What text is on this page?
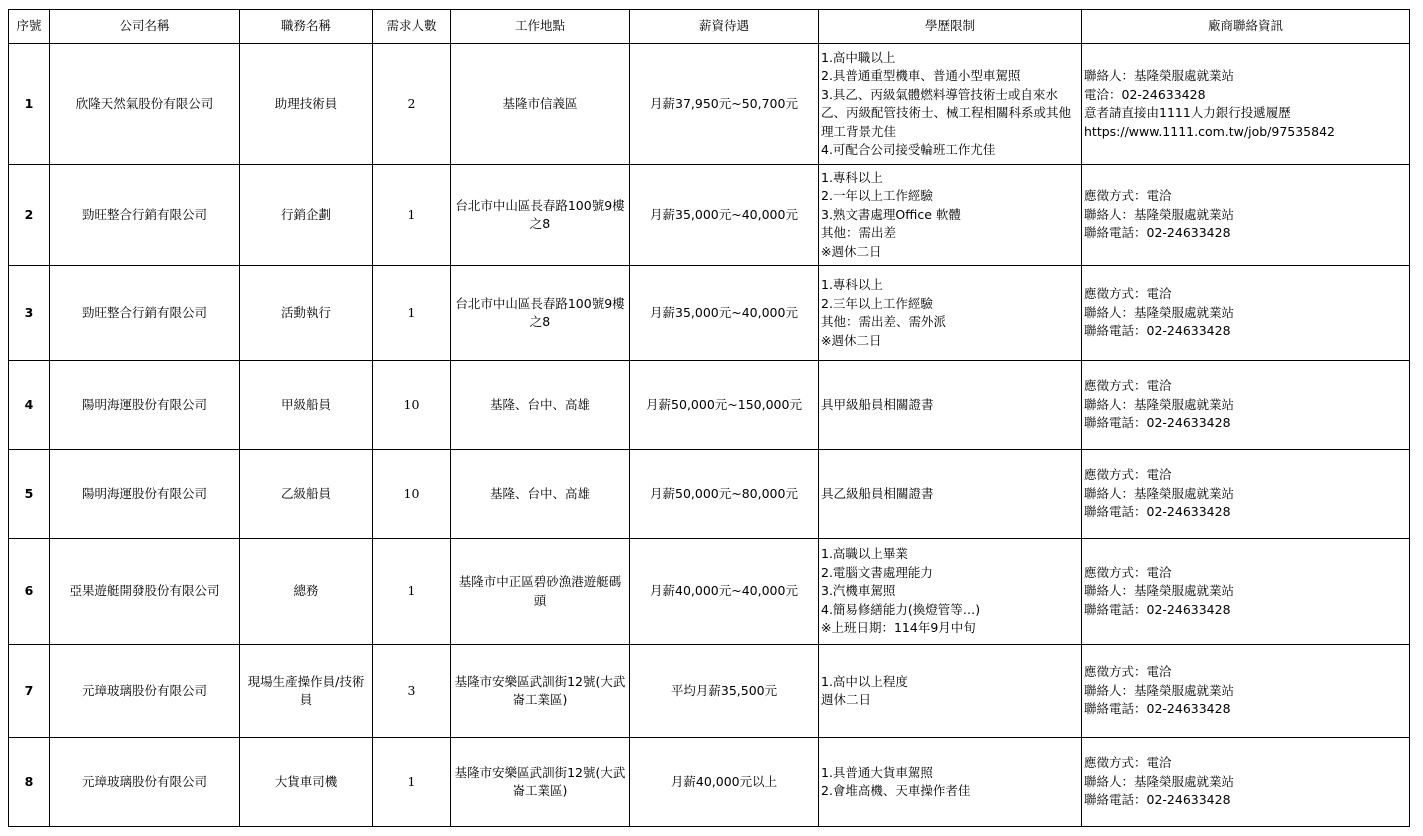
序號	公司名稱	職務名稱	需求人數	工作地點	薪資待遇	學歷限制	廠商聯絡資訊
1	欣隆天然氣股份有限公司	助理技術員	2	基隆市信義區	月薪37,950元~50,700元	1.高中職以上
2.具普通重型機車、普通小型車駕照
3.具乙、丙級氣體燃料導管技術士或自來水乙、丙級配管技術士、械工程相關科系或其他理工背景尤佳
4.可配合公司接受輪班工作尤佳	聯絡人：基隆榮服處就業站
電洽：02-24633428
意者請直接由1111人力銀行投遞履歷
https://www.1111.com.tw/job/97535842

2	勁旺整合行銷有限公司	行銷企劃	1	台北市中山區長春路100號9樓之8	月薪35,000元~40,000元	1.專科以上
2.一年以上工作經驗
3.熟文書處理Office 軟體
其他：需出差
※週休二日	應徵方式：電洽
聯絡人：基隆榮服處就業站
聯絡電話：02-24633428

3	勁旺整合行銷有限公司	活動執行	1	台北市中山區長春路100號9樓之8	月薪35,000元~40,000元	1.專科以上
2.三年以上工作經驗
其他：需出差、需外派
※週休二日	應徵方式：電洽
聯絡人：基隆榮服處就業站
聯絡電話：02-24633428

4	陽明海運股份有限公司	甲級船員	10	基隆、台中、高雄	月薪50,000元~150,000元	具甲級船員相關證書	應徵方式：電洽
聯絡人：基隆榮服處就業站
聯絡電話：02-24633428

5	陽明海運股份有限公司	乙級船員	10	基隆、台中、高雄	月薪50,000元~80,000元	具乙級船員相關證書	應徵方式：電洽
聯絡人：基隆榮服處就業站
聯絡電話：02-24633428

6	亞果遊艇開發股份有限公司	總務	1	基隆市中正區碧砂漁港遊艇碼頭	月薪40,000元~40,000元	1.高職以上畢業
2.電腦文書處理能力
3.汽機車駕照
4.簡易修繕能力(換燈管等…)
※上班日期：114年9月中旬	應徵方式：電洽
聯絡人：基隆榮服處就業站
聯絡電話：02-24633428

7	元璋玻璃股份有限公司	現場生產操作員/技術員	3	基隆市安樂區武訓街12號(大武崙工業區)	平均月薪35,500元	1.高中以上程度
週休二日	應徵方式：電洽
聯絡人：基隆榮服處就業站
聯絡電話：02-24633428

8	元璋玻璃股份有限公司	大貨車司機	1	基隆市安樂區武訓街12號(大武崙工業區)	月薪40,000元以上	1.具普通大貨車駕照
2.會堆高機、天車操作者佳	應徵方式：電洽
聯絡人：基隆榮服處就業站
聯絡電話：02-24633428
